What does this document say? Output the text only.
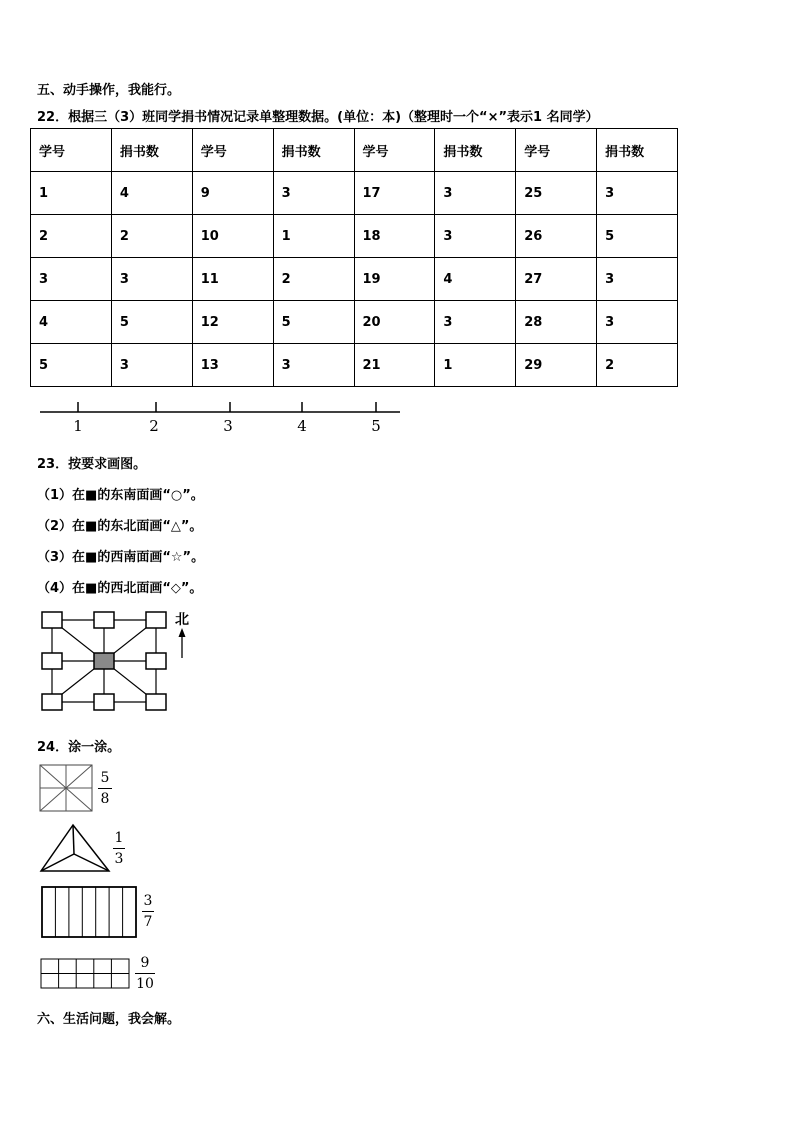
五、动手操作，我能行。
22．根据三（3）班同学捐书情况记录单整理数据。(单位：本)（整理时一个“×”表示1 名同学）
学号	捐书数	学号	捐书数	学号	捐书数	学号	捐书数
1	4	9	3	17	3	25	3
2	2	10	1	18	3	26	5
3	3	11	2	19	4	27	3
4	5	12	5	20	3	28	3
5	3	13	3	21	1	29	2
1	2	3	4	5
23．按要求画图。
（1）在■的东南面画“○”。
（2）在■的东北面画“△”。
（3）在■的西南面画“☆”。
（4）在■的西北面画“◇”。
北
24．涂一涂。
5
8
1
3
3
7
9
10
六、生活问题，我会解。
